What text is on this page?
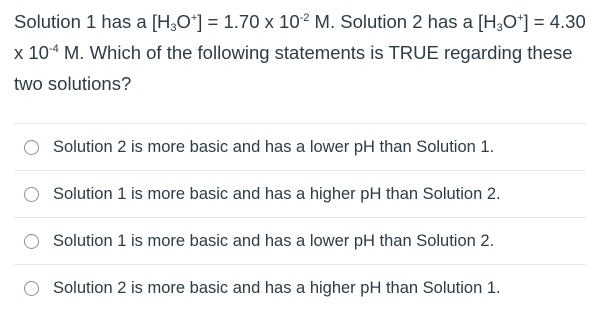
Solution 1 has a $[H_3O^+] = 1.70$ x $10^{-2}$ M. Solution 2 has a $[H_3O^+] = 4.30$ x $10^{-4}$ M. Which of the following statements is TRUE regarding these two solutions?
Solution 2 is more basic and has a lower pH than Solution 1.
Solution 1 is more basic and has a higher pH than Solution 2.
Solution 1 is more basic and has a lower pH than Solution 2.
Solution 2 is more basic and has a higher pH than Solution 1.
